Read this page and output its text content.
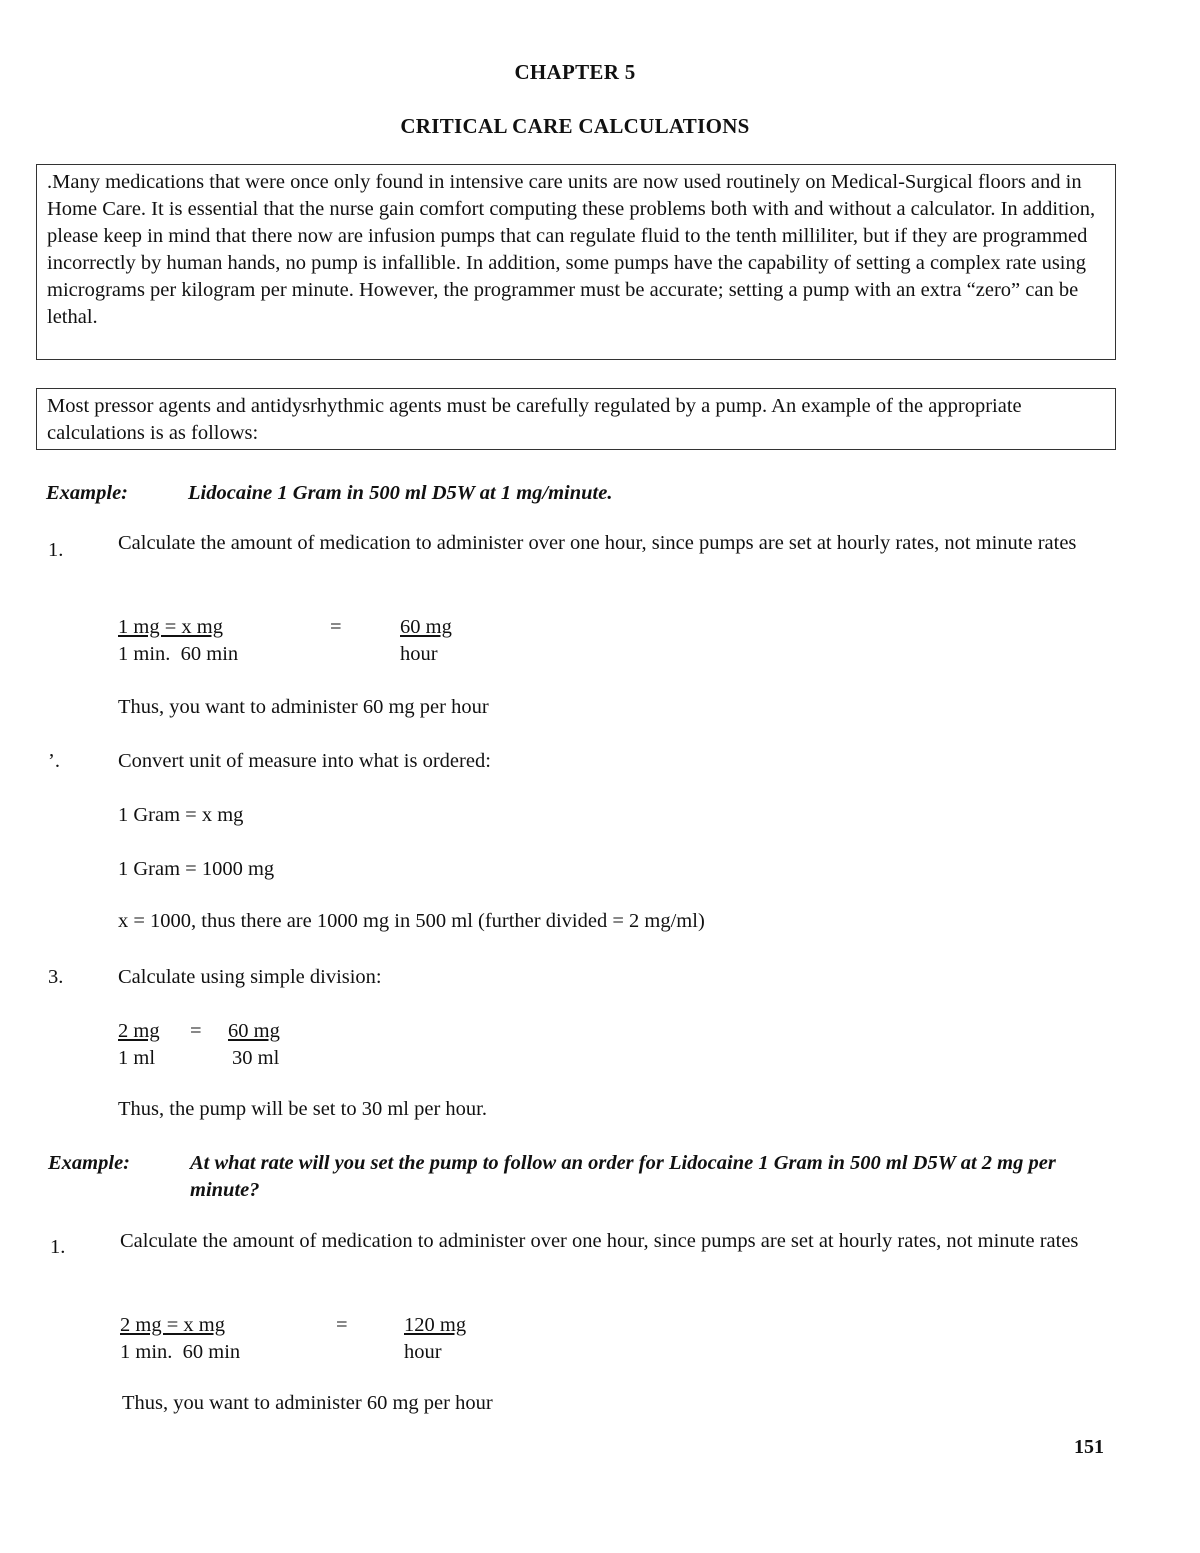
CHAPTER 5
CRITICAL CARE CALCULATIONS

.Many medications that were once only found in intensive care units are now used routinely on Medical-Surgical floors and in Home Care. It is essential that the nurse gain comfort computing these problems both with and without a calculator. In addition, please keep in mind that there now are infusion pumps that can regulate fluid to the tenth milliliter, but if they are programmed incorrectly by human hands, no pump is infallible. In addition, some pumps have the capability of setting a complex rate using micrograms per kilogram per minute. However, the programmer must be accurate; setting a pump with an extra “zero” can be lethal.

Most pressor agents and antidysrhythmic agents must be carefully regulated by a pump. An example of the appropriate calculations is as follows:

Example:	Lidocaine 1 Gram in 500 ml D5W at 1 mg/minute.
1.	Calculate the amount of medication to administer over one hour, since pumps are set at hourly rates, not minute rates
1 mg = x mg
1 min.  60 min
=	60 mg
hour
Thus, you want to administer 60 mg per hour
’.	Convert unit of measure into what is ordered:
1 Gram = x mg
1 Gram = 1000 mg
x = 1000, thus there are 1000 mg in 500 ml (further divided = 2 mg/ml)
3.	Calculate using simple division:
2 mg = 60 mg
1 ml	30 ml
Thus, the pump will be set to 30 ml per hour.
Example:	At what rate will you set the pump to follow an order for Lidocaine 1 Gram in 500 ml D5W at 2 mg per minute?
1.	Calculate the amount of medication to administer over one hour, since pumps are set at hourly rates, not minute rates
2 mg = x mg
1 min.  60 min
=	120 mg
hour
Thus, you want to administer 60 mg per hour
151
